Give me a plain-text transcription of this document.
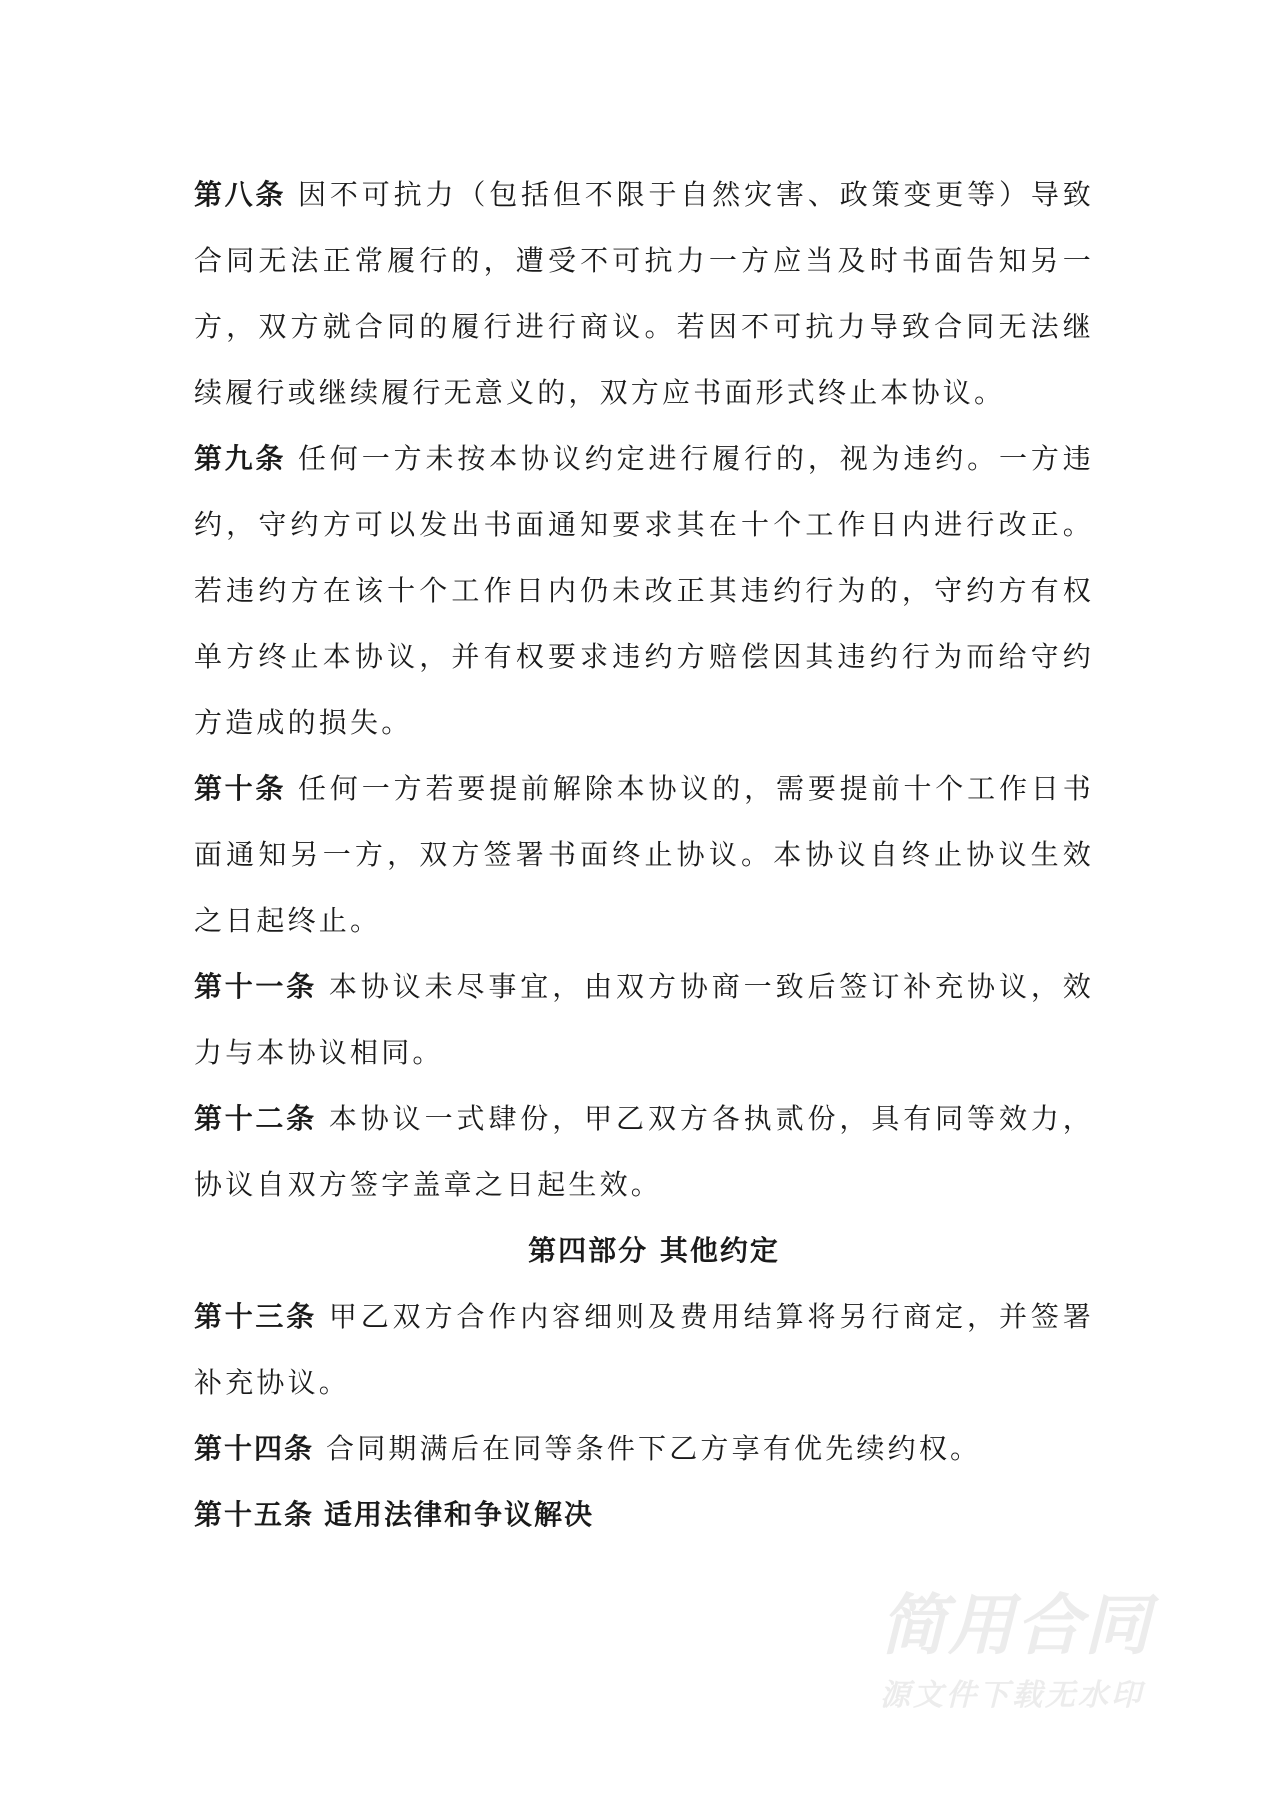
第八条 因不可抗力（包括但不限于自然灾害、政策变更等）导致合同无法正常履行的，遭受不可抗力一方应当及时书面告知另一方，双方就合同的履行进行商议。若因不可抗力导致合同无法继续履行或继续履行无意义的，双方应书面形式终止本协议。

第九条 任何一方未按本协议约定进行履行的，视为违约。一方违约，守约方可以发出书面通知要求其在十个工作日内进行改正。若违约方在该十个工作日内仍未改正其违约行为的，守约方有权单方终止本协议，并有权要求违约方赔偿因其违约行为而给守约方造成的损失。

第十条 任何一方若要提前解除本协议的，需要提前十个工作日书面通知另一方，双方签署书面终止协议。本协议自终止协议生效之日起终止。

第十一条 本协议未尽事宜，由双方协商一致后签订补充协议，效力与本协议相同。

第十二条 本协议一式肆份，甲乙双方各执贰份，具有同等效力，协议自双方签字盖章之日起生效。

第四部分 其他约定

第十三条 甲乙双方合作内容细则及费用结算将另行商定，并签署补充协议。

第十四条 合同期满后在同等条件下乙方享有优先续约权。

第十五条 适用法律和争议解决

简用合同
源文件下载无水印
